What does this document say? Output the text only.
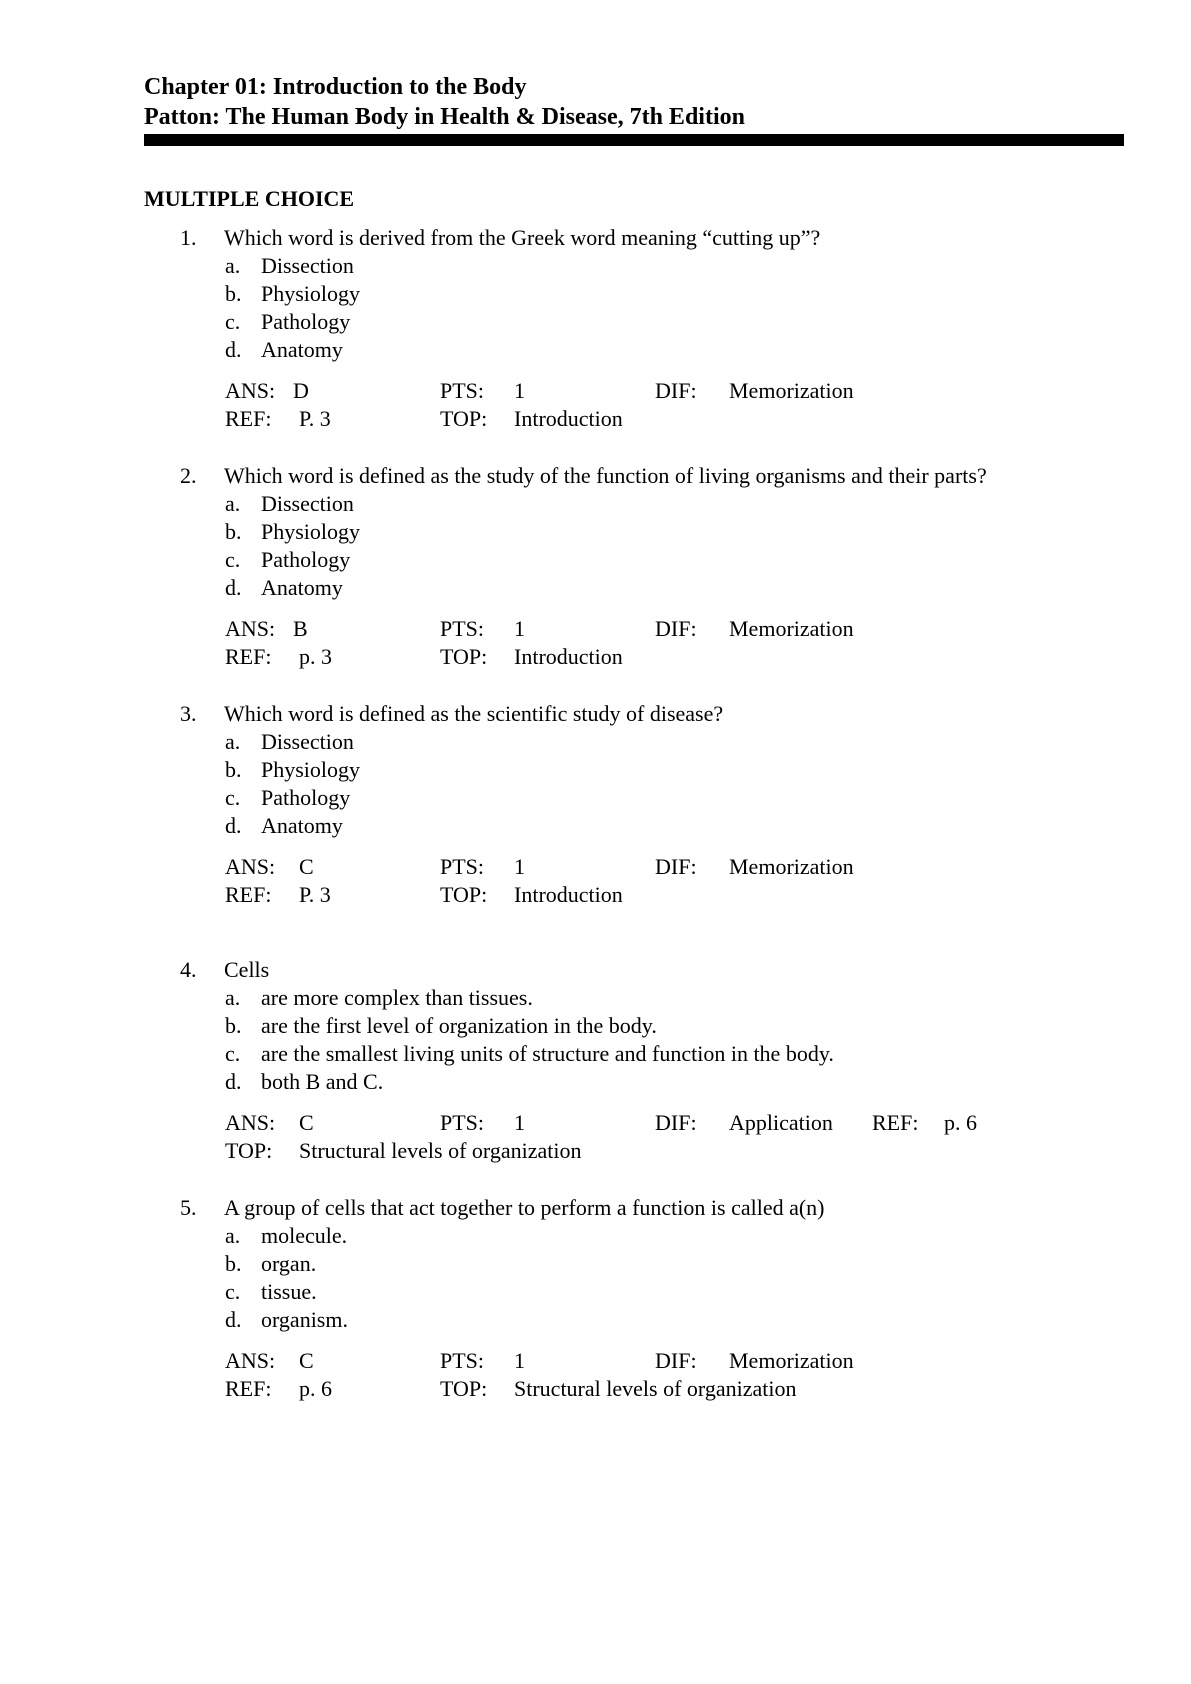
Chapter 01: Introduction to the Body
Patton: The Human Body in Health & Disease, 7th Edition
MULTIPLE CHOICE
1.	Which word is derived from the Greek word meaning “cutting up”?
a. Dissection
b. Physiology
c. Pathology
d. Anatomy
ANS: D	PTS: 1	DIF: Memorization
REF: P. 3	TOP: Introduction
2.	Which word is defined as the study of the function of living organisms and their parts?
a. Dissection
b. Physiology
c. Pathology
d. Anatomy
ANS: B	PTS: 1	DIF: Memorization
REF: p. 3	TOP: Introduction
3.	Which word is defined as the scientific study of disease?
a. Dissection
b. Physiology
c. Pathology
d. Anatomy
ANS: C	PTS: 1	DIF: Memorization
REF: P. 3	TOP: Introduction
4.	Cells
a. are more complex than tissues.
b. are the first level of organization in the body.
c. are the smallest living units of structure and function in the body.
d. both B and C.
ANS: C	PTS: 1	DIF: Application REF: p. 6
TOP: Structural levels of organization
5.	A group of cells that act together to perform a function is called a(n)
a. molecule.
b. organ.
c. tissue.
d. organism.
ANS: C	PTS: 1	DIF: Memorization
REF: p. 6	TOP: Structural levels of organization
